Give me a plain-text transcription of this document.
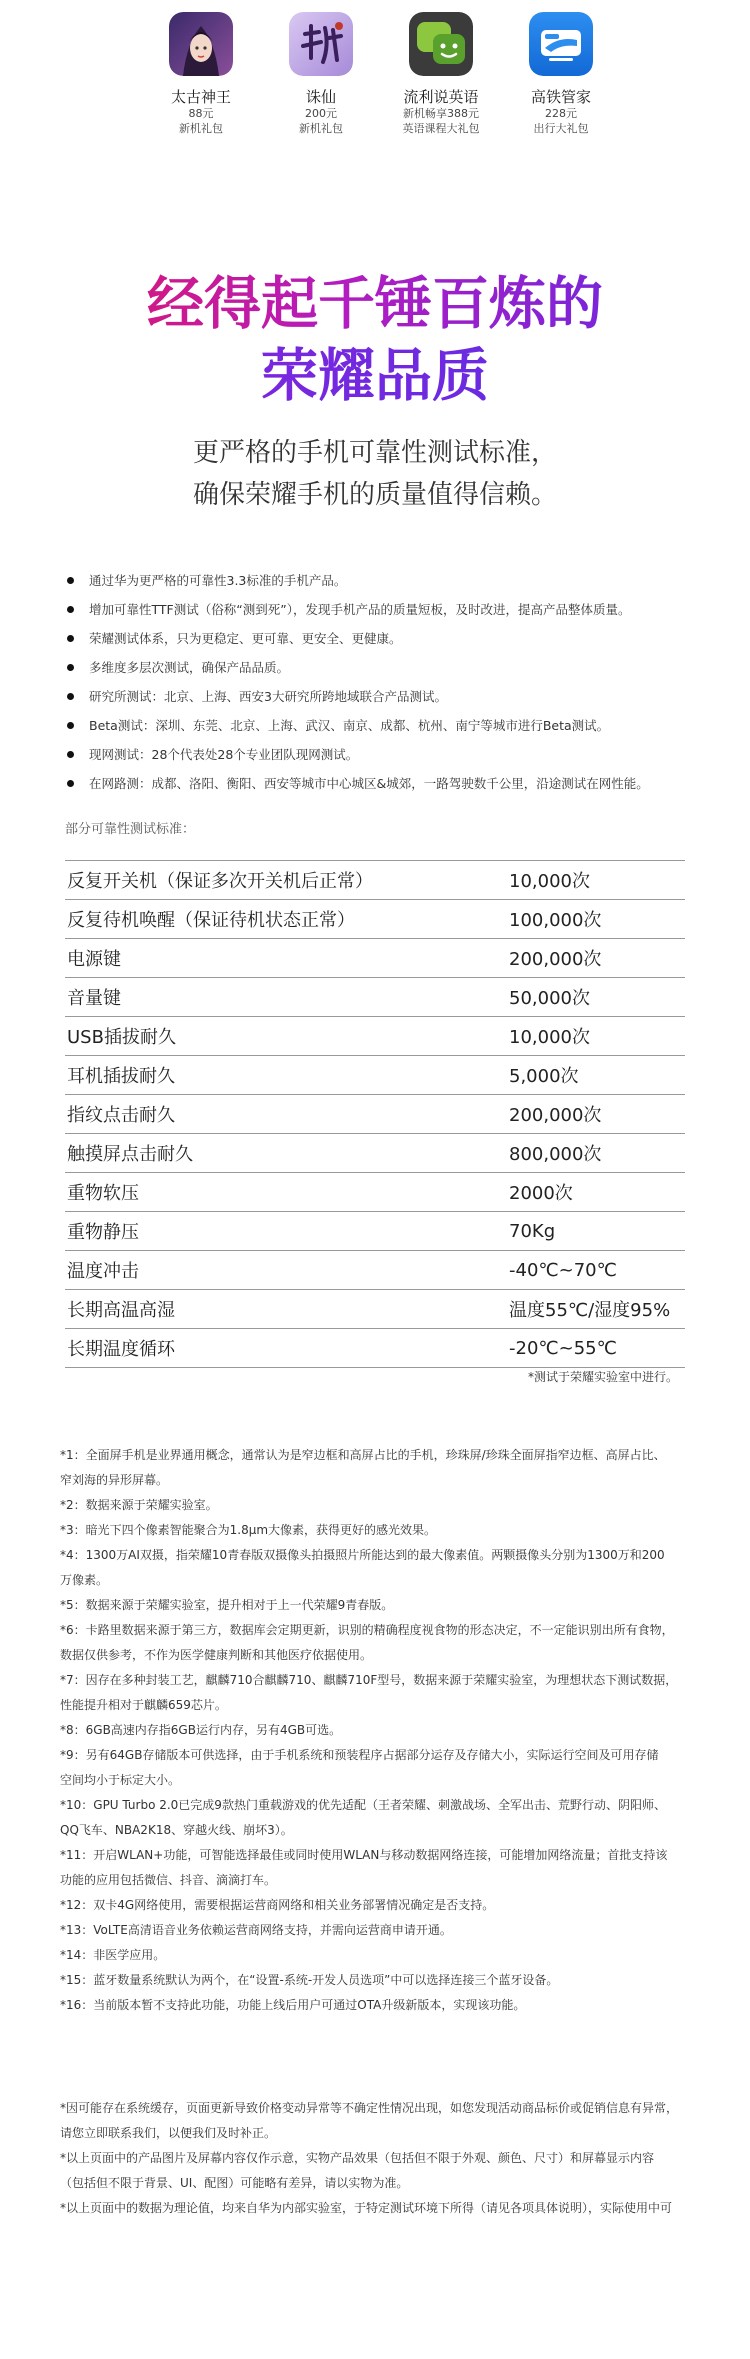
太古神王
88元
新机礼包
诛仙
200元
新机礼包
流利说英语
新机畅享388元
英语课程大礼包
高铁管家
228元
出行大礼包
经得起千锤百炼的
荣耀品质
更严格的手机可靠性测试标准，
确保荣耀手机的质量值得信赖。
通过华为更严格的可靠性3.3标准的手机产品。
增加可靠性TTF测试（俗称“测到死”），发现手机产品的质量短板，及时改进，提高产品整体质量。
荣耀测试体系，只为更稳定、更可靠、更安全、更健康。
多维度多层次测试，确保产品品质。
研究所测试：北京、上海、西安3大研究所跨地域联合产品测试。
Beta测试：深圳、东莞、北京、上海、武汉、南京、成都、杭州、南宁等城市进行Beta测试。
现网测试：28个代表处28个专业团队现网测试。
在网路测：成都、洛阳、衡阳、西安等城市中心城区&城郊，一路驾驶数千公里，沿途测试在网性能。
部分可靠性测试标准：
反复开关机（保证多次开关机后正常）	10,000次
反复待机唤醒（保证待机状态正常）	100,000次
电源键	200,000次
音量键	50,000次
USB插拔耐久	10,000次
耳机插拔耐久	5,000次
指纹点击耐久	200,000次
触摸屏点击耐久	800,000次
重物软压	2000次
重物静压	70Kg
温度冲击	-40℃~70℃
长期高温高湿	温度55℃/湿度95%
长期温度循环	-20℃~55℃
*测试于荣耀实验室中进行。
*1：全面屏手机是业界通用概念，通常认为是窄边框和高屏占比的手机，珍珠屏/珍珠全面屏指窄边框、高屏占比、
窄刘海的异形屏幕。
*2：数据来源于荣耀实验室。
*3：暗光下四个像素智能聚合为1.8μm大像素，获得更好的感光效果。
*4：1300万AI双摄，指荣耀10青春版双摄像头拍摄照片所能达到的最大像素值。两颗摄像头分别为1300万和200
万像素。
*5：数据来源于荣耀实验室，提升相对于上一代荣耀9青春版。
*6：卡路里数据来源于第三方，数据库会定期更新，识别的精确程度视食物的形态决定，不一定能识别出所有食物，
数据仅供参考，不作为医学健康判断和其他医疗依据使用。
*7：因存在多种封装工艺，麒麟710合麒麟710、麒麟710F型号，数据来源于荣耀实验室，为理想状态下测试数据，
性能提升相对于麒麟659芯片。
*8：6GB高速内存指6GB运行内存，另有4GB可选。
*9：另有64GB存储版本可供选择，由于手机系统和预装程序占据部分运存及存储大小，实际运行空间及可用存储
空间均小于标定大小。
*10：GPU Turbo 2.0已完成9款热门重载游戏的优先适配（王者荣耀、刺激战场、全军出击、荒野行动、阴阳师、
QQ飞车、NBA2K18、穿越火线、崩坏3）。
*11：开启WLAN+功能，可智能选择最佳或同时使用WLAN与移动数据网络连接，可能增加网络流量；首批支持该
功能的应用包括微信、抖音、滴滴打车。
*12：双卡4G网络使用，需要根据运营商网络和相关业务部署情况确定是否支持。
*13：VoLTE高清语音业务依赖运营商网络支持，并需向运营商申请开通。
*14：非医学应用。
*15：蓝牙数量系统默认为两个，在“设置-系统-开发人员选项”中可以选择连接三个蓝牙设备。
*16：当前版本暂不支持此功能，功能上线后用户可通过OTA升级新版本，实现该功能。
*因可能存在系统缓存，页面更新导致价格变动异常等不确定性情况出现，如您发现活动商品标价或促销信息有异常，
请您立即联系我们，以便我们及时补正。
*以上页面中的产品图片及屏幕内容仅作示意，实物产品效果（包括但不限于外观、颜色、尺寸）和屏幕显示内容
（包括但不限于背景、UI、配图）可能略有差异，请以实物为准。
*以上页面中的数据为理论值，均来自华为内部实验室，于特定测试环境下所得（请见各项具体说明），实际使用中可
